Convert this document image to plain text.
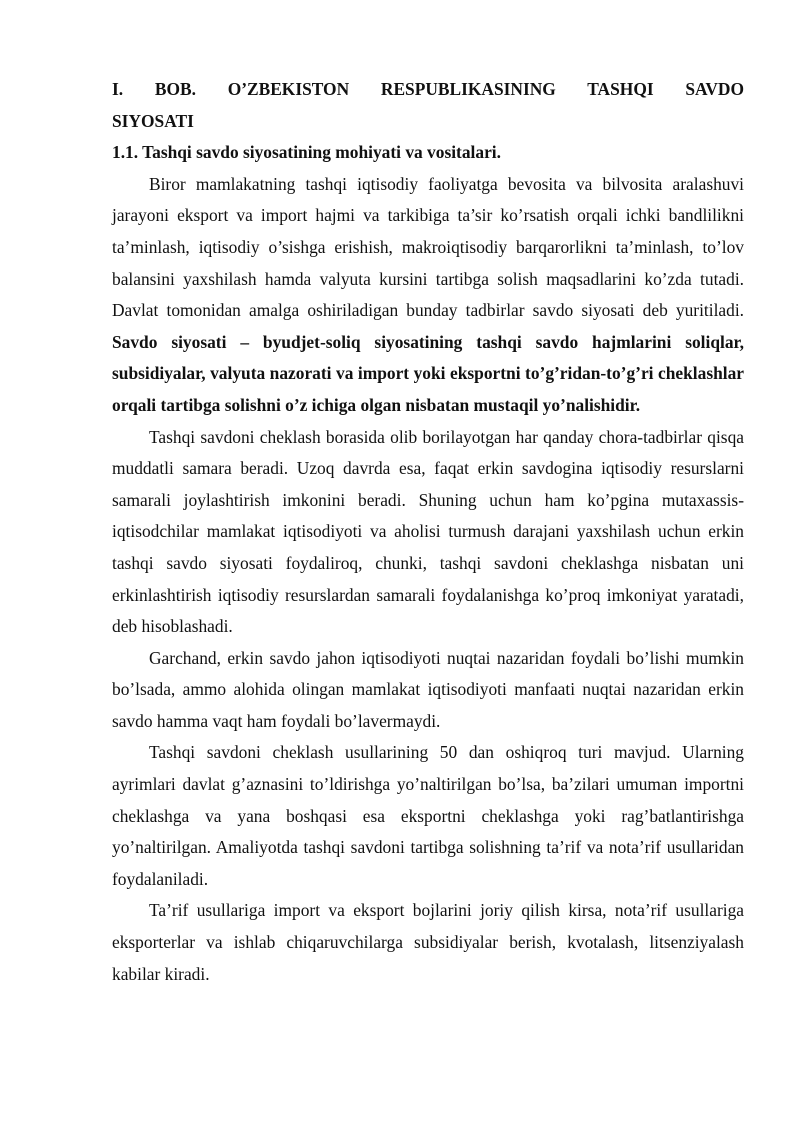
I. BOB. O’ZBEKISTON RESPUBLIKASINING TASHQI SAVDO SIYOSATI

1.1. Tashqi savdo siyosatining mohiyati va vositalari.

Biror mamlakatning tashqi iqtisodiy faoliyatga bevosita va bilvosita aralashuvi jarayoni eksport va import hajmi va tarkibiga ta’sir ko’rsatish orqali ichki bandlilikni ta’minlash, iqtisodiy o’sishga erishish, makroiqtisodiy barqarorlikni ta’minlash, to’lov balansini yaxshilash hamda valyuta kursini tartibga solish maqsadlarini ko’zda tutadi. Davlat tomonidan amalga oshiriladigan bunday tadbirlar savdo siyosati deb yuritiladi. Savdo siyosati – byudjet-soliq siyosatining tashqi savdo hajmlarini soliqlar, subsidiyalar, valyuta nazorati va import yoki eksportni to’g’ridan-to’g’ri cheklashlar orqali tartibga solishni o’z ichiga olgan nisbatan mustaqil yo’nalishidir.

Tashqi savdoni cheklash borasida olib borilayotgan har qanday chora-tadbirlar qisqa muddatli samara beradi. Uzoq davrda esa, faqat erkin savdogina iqtisodiy resurslarni samarali joylashtirish imkonini beradi. Shuning uchun ham ko’pgina mutaxassis-iqtisodchilar mamlakat iqtisodiyoti va aholisi turmush darajani yaxshilash uchun erkin tashqi savdo siyosati foydaliroq, chunki, tashqi savdoni cheklashga nisbatan uni erkinlashtirish iqtisodiy resurslardan samarali foydalanishga ko’proq imkoniyat yaratadi, deb hisoblashadi.

Garchand, erkin savdo jahon iqtisodiyoti nuqtai nazaridan foydali bo’lishi mumkin bo’lsada, ammo alohida olingan mamlakat iqtisodiyoti manfaati nuqtai nazaridan erkin savdo hamma vaqt ham foydali bo’lavermaydi.

Tashqi savdoni cheklash usullarining 50 dan oshiqroq turi mavjud. Ularning ayrimlari davlat g’aznasini to’ldirishga yo’naltirilgan bo’lsa, ba’zilari umuman importni cheklashga va yana boshqasi esa eksportni cheklashga yoki rag’batlantirishga yo’naltirilgan. Amaliyotda tashqi savdoni tartibga solishning ta’rif va nota’rif usullaridan foydalaniladi.

Ta’rif usullariga import va eksport bojlarini joriy qilish kirsa, nota’rif usullariga eksporterlar va ishlab chiqaruvchilarga subsidiyalar berish, kvotalash, litsenziyalash kabilar kiradi.
